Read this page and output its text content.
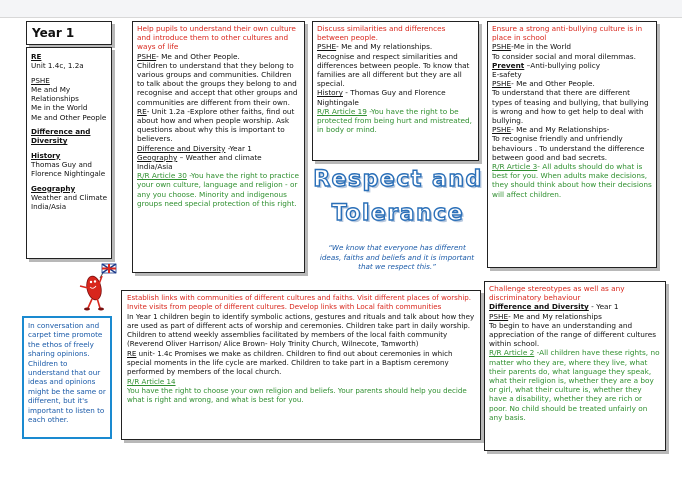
Year 1

RE

Unit 1.4c, 1.2a

PSHE

Me and My

Relationships

Me in the World

Me and Other People

Difference and Diversity

History

Thomas Guy and

Florence Nightingale

Geography

Weather and Climate

India/Asia

Help pupils to understand their own culture and introduce them to other cultures and ways of life

PSHE- Me and Other People.

Children to understand that they belong to various groups and communities. Children to talk about the groups they belong to and recognise and accept that other groups and communities are different from their own.

RE- Unit 1.2a -Explore other faiths, find out about how and when people worship. Ask questions about why this is important to believers.

Difference and Diversity -Year 1

Geography – Weather and climate

India/Asia

R/R Article 30 -You have the right to practice your own culture, language and religion - or any you choose. Minority and indigenous groups need special protection of this right.

Discuss similarities and differences between people.

PSHE- Me and My relationships.

Recognise and respect similarities and differences between people. To know that families are all different but they are all special.

History - Thomas Guy and Florence Nightingale

R/R Article 19 -You have the right to be protected from being hurt and mistreated, in body or mind.

Ensure a strong anti-bullying culture is in place in school

PSHE-Me in the World

To consider social and moral dilemmas.

Prevent –Anti-bullying policy

E-safety

PSHE- Me and Other People.

To understand that there are different types of teasing and bullying, that bullying is wrong and how to get help to deal with bullying.

PSHE- Me and My Relationships-

To recognise friendly and unfriendly behaviours . To understand the difference between good and bad secrets.

R/R Article 3- All adults should do what is best for you. When adults make decisions, they should think about how their decisions will affect children.

Respect and
Tolerance
“We know that everyone has different ideas, faiths and beliefs and it is important that we respect this.”

Establish links with communities of different cultures and faiths. Visit different places of worship. Invite visits from people of different cultures. Develop links with Local faith communities

In Year 1 children begin to identify symbolic actions, gestures and rituals and talk about how they are used as part of different acts of worship and ceremonies. Children take part in daily worship. Children to attend weekly assemblies facilitated by members of the local faith community (Reverend Oliver Harrison/ Alice Brown- Holy Trinity Church, Wilnecote, Tamworth)

RE unit- 1.4c Promises we make as children. Children to find out about ceremonies in which special moments in the life cycle are marked. Children to take part in a Baptism ceremony performed by members of the local church.

R/R Article 14

You have the right to choose your own religion and beliefs. Your parents should help you decide what is right and wrong, and what is best for you.

Challenge stereotypes as well as any discriminatory behaviour

Difference and Diversity - Year 1

PSHE- Me and My relationships

To begin to have an understanding and appreciation of the range of different cultures within school.

R/R Article 2 -All children have these rights, no matter who they are, where they live, what their parents do, what language they speak, what their religion is, whether they are a boy or girl, what their culture is, whether they have a disability, whether they are rich or poor. No child should be treated unfairly on any basis.

In conversation and carpet time promote the ethos of freely sharing opinions. Children to understand that our ideas and opinions might be the same or different, but it's important to listen to each other.
